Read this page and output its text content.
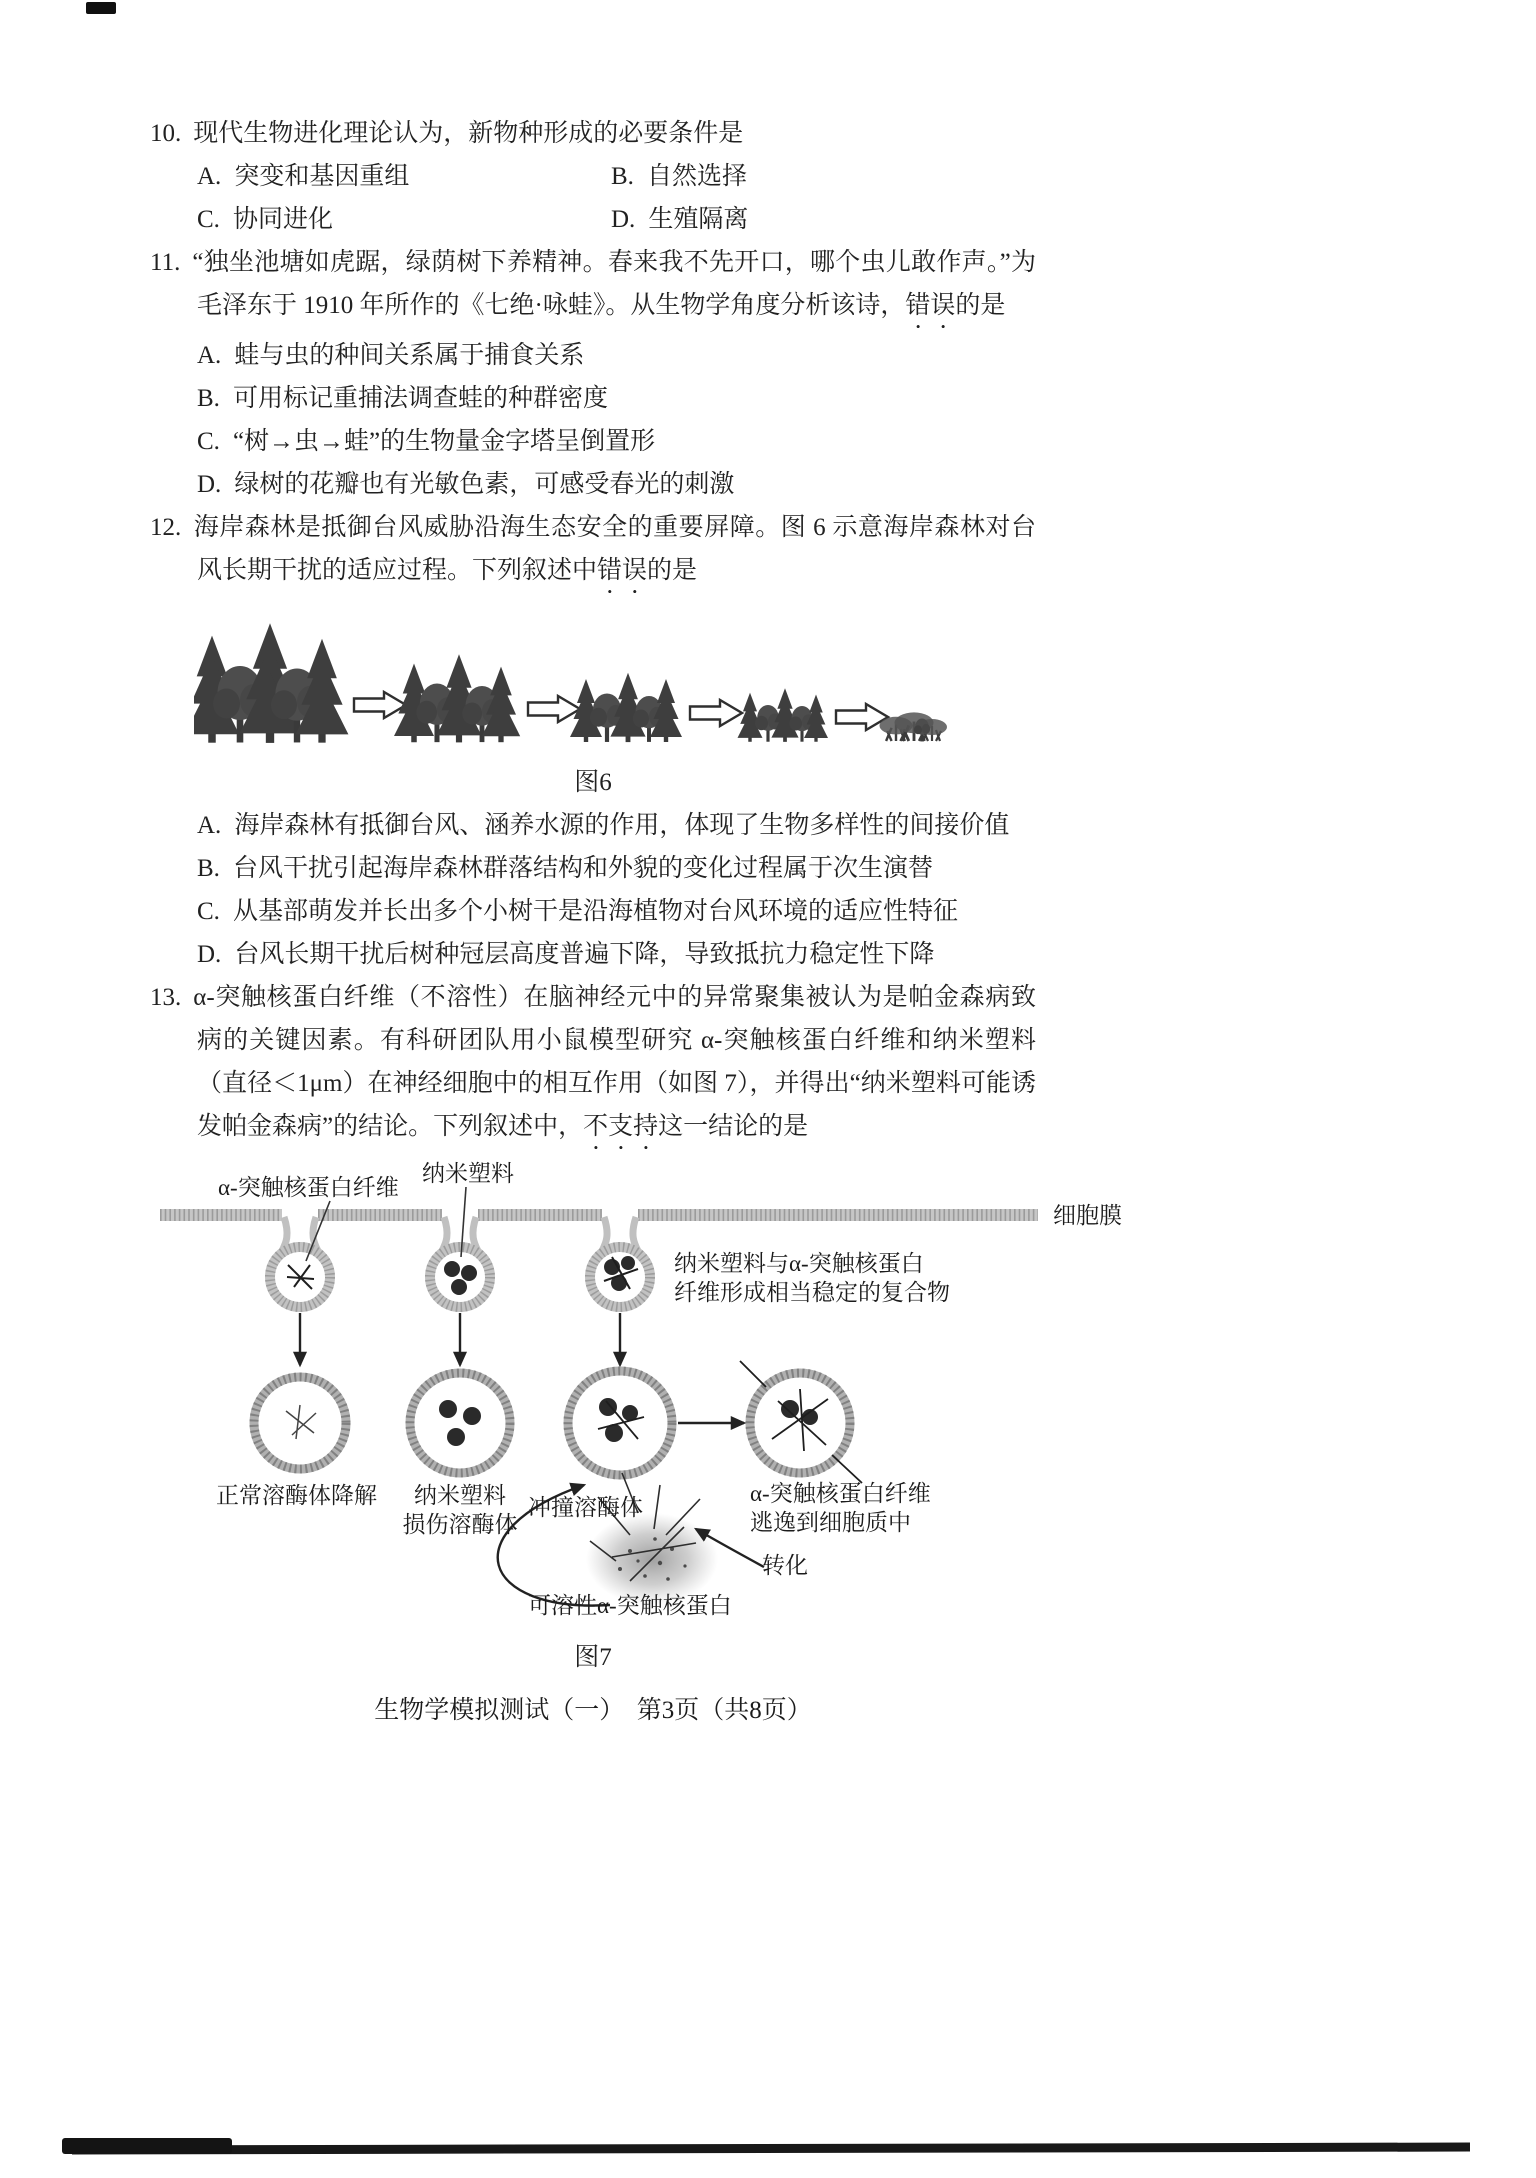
10. 现代生物进化理论认为，新物种形成的必要条件是

A. 突变和基因重组	B. 自然选择

C. 协同进化	D. 生殖隔离

11. “独坐池塘如虎踞，绿荫树下养精神。春来我不先开口，哪个虫儿敢作声。”为毛泽东于 1910 年所作的《七绝·咏蛙》。从生物学角度分析该诗，错误的是

A. 蛙与虫的种间关系属于捕食关系

B. 可用标记重捕法调查蛙的种群密度

C. “树→虫→蛙”的生物量金字塔呈倒置形

D. 绿树的花瓣也有光敏色素，可感受春光的刺激

12. 海岸森林是抵御台风威胁沿海生态安全的重要屏障。图 6 示意海岸森林对台风长期干扰的适应过程。下列叙述中错误的是

图6

A. 海岸森林有抵御台风、涵养水源的作用，体现了生物多样性的间接价值

B. 台风干扰引起海岸森林群落结构和外貌的变化过程属于次生演替

C. 从基部萌发并长出多个小树干是沿海植物对台风环境的适应性特征

D. 台风长期干扰后树种冠层高度普遍下降，导致抵抗力稳定性下降

13. α-突触核蛋白纤维（不溶性）在脑神经元中的异常聚集被认为是帕金森病致病的关键因素。有科研团队用小鼠模型研究 α-突触核蛋白纤维和纳米塑料（直径＜1μm）在神经细胞中的相互作用（如图 7），并得出“纳米塑料可能诱发帕金森病”的结论。下列叙述中，不支持这一结论的是

α-突触核蛋白纤维
纳米塑料
细胞膜
纳米塑料与α-突触核蛋白
纤维形成相当稳定的复合物
正常溶酶体降解	纳米塑料
损伤溶酶体
冲撞溶酶体
α-突触核蛋白纤维
逃逸到细胞质中
转化
可溶性α-突触核蛋白
图7
生物学模拟测试（一）　第3页（共8页）
